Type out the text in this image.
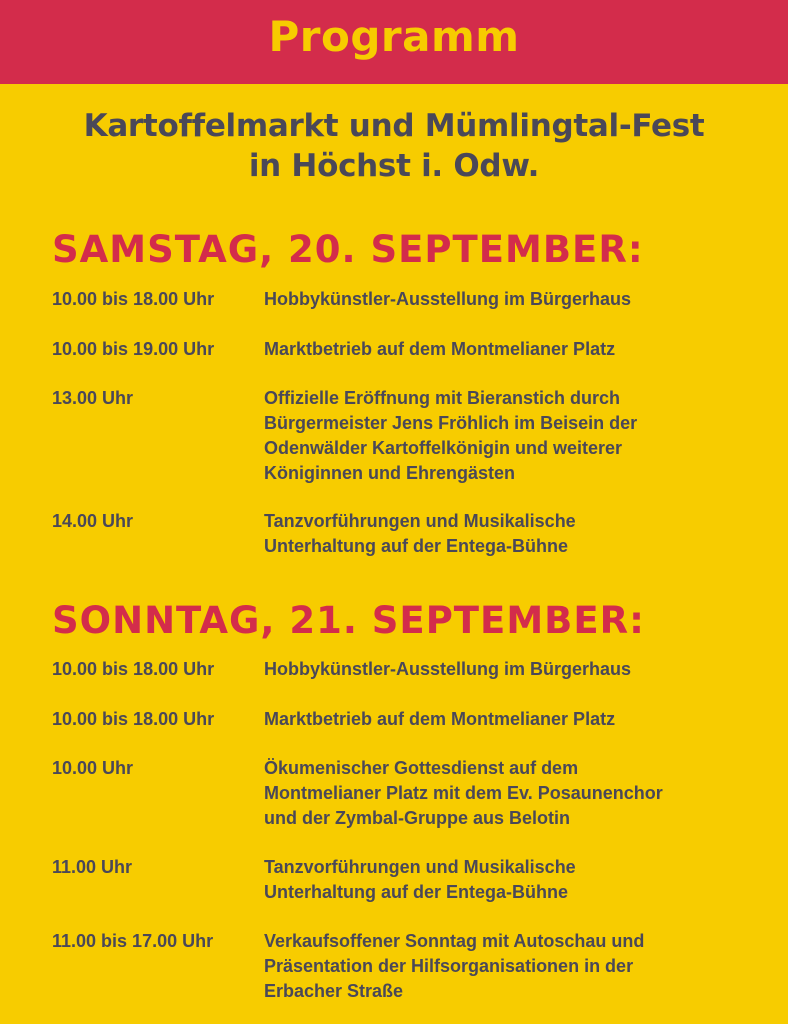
Programm
Kartoffelmarkt und Mümlingtal-Fest
in Höchst i. Odw.
SAMSTAG, 20. SEPTEMBER:
10.00 bis 18.00 Uhr	Hobbykünstler-Ausstellung im Bürgerhaus
10.00 bis 19.00 Uhr	Marktbetrieb auf dem Montmelianer Platz
13.00 Uhr	Offizielle Eröffnung mit Bieranstich durch
Bürgermeister Jens Fröhlich im Beisein der
Odenwälder Kartoffelkönigin und weiterer
Königinnen und Ehrengästen
14.00 Uhr	Tanzvorführungen und Musikalische
Unterhaltung auf der Entega-Bühne
SONNTAG, 21. SEPTEMBER:
10.00 bis 18.00 Uhr	Hobbykünstler-Ausstellung im Bürgerhaus
10.00 bis 18.00 Uhr	Marktbetrieb auf dem Montmelianer Platz
10.00 Uhr	Ökumenischer Gottesdienst auf dem
Montmelianer Platz mit dem Ev. Posaunenchor
und der Zymbal-Gruppe aus Belotin
11.00 Uhr	Tanzvorführungen und Musikalische
Unterhaltung auf der Entega-Bühne
11.00 bis 17.00 Uhr	Verkaufsoffener Sonntag mit Autoschau und
Präsentation der Hilfsorganisationen in der
Erbacher Straße
